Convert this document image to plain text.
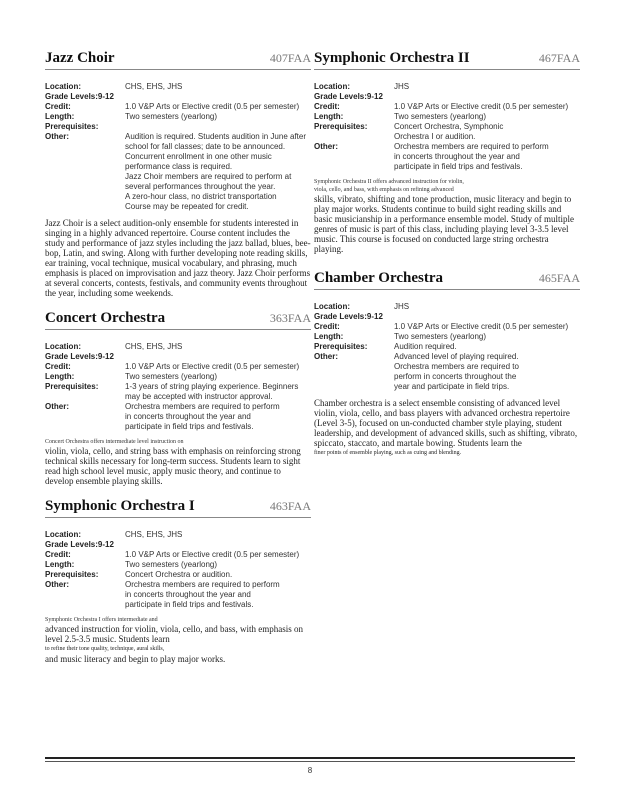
Jazz Choir	407FAA
Location:	CHS, EHS, JHS
Grade Levels:9-12
Credit:	1.0 V&P Arts or Elective credit (0.5 per semester)
Length:	Two semesters (yearlong)
Prerequisites:
Other:	Audition is required. Students audition in June after
school for fall classes; date to be announced.
Concurrent enrollment in one other music
performance class is required.
Jazz Choir members are required to perform at
several performances throughout the year.
A zero-hour class, no district transportation
Course may be repeated for credit.
Jazz Choir is a select audition-only ensemble for students interested in singing in a highly advanced repertoire. Course content includes the study and performance of jazz styles including the jazz ballad, blues, bee-bop, Latin, and swing. Along with further developing note reading skills, ear training, vocal technique, musical vocabulary, and phrasing, much emphasis is placed on improvisation and jazz theory. Jazz Choir performs at several concerts, contests, festivals, and community events throughout the year, including some weekends.
Concert Orchestra	363FAA
Location:	CHS, EHS, JHS
Grade Levels:9-12
Credit:	1.0 V&P Arts or Elective credit (0.5 per semester)
Length:	Two semesters (yearlong)
Prerequisites:	1-3 years of string playing experience. Beginners
may be accepted with instructor approval.
Other:	Orchestra members are required to perform
in concerts throughout the year and
participate in field trips and festivals.
Concert Orchestra offers intermediate level instruction on
violin, viola, cello, and string bass with emphasis on reinforcing strong technical skills necessary for long-term success. Students learn to sight read high school level music, apply music theory, and continue to develop ensemble playing skills.
Symphonic Orchestra I	463FAA
Location:	CHS, EHS, JHS
Grade Levels:9-12
Credit:	1.0 V&P Arts or Elective credit (0.5 per semester)
Length:	Two semesters (yearlong)
Prerequisites:	Concert Orchestra or audition.
Other:	Orchestra members are required to perform
in concerts throughout the year and
participate in field trips and festivals.
Symphonic Orchestra I offers intermediate and
advanced instruction for violin, viola, cello, and bass, with emphasis on level 2.5-3.5 music. Students learn
to refine their tone quality, technique, aural skills,
and music literacy and begin to play major works.
Symphonic Orchestra II	467FAA
Location:	JHS
Grade Levels:9-12
Credit:	1.0 V&P Arts or Elective credit (0.5 per semester)
Length:	Two semesters (yearlong)
Prerequisites:	Concert Orchestra, Symphonic
Orchestra I or audition.
Other:	Orchestra members are required to perform
in concerts throughout the year and
participate in field trips and festivals.
Symphonic Orchestra II offers advanced instruction for violin,
viola, cello, and bass, with emphasis on refining advanced
skills, vibrato, shifting and tone production, music literacy and begin to play major works. Students continue to build sight reading skills and basic musicianship in a performance ensemble model. Study of multiple genres of music is part of this class, including playing level 3-3.5 level music. This course is focused on conducted large string orchestra playing.
Chamber Orchestra	465FAA
Location:	JHS
Grade Levels:9-12
Credit:	1.0 V&P Arts or Elective credit (0.5 per semester)
Length:	Two semesters (yearlong)
Prerequisites:	Audition required.
Other:	Advanced level of playing required.
Orchestra members are required to
perform in concerts throughout the
year and participate in field trips.
Chamber orchestra is a select ensemble consisting of advanced level violin, viola, cello, and bass players with advanced orchestra repertoire (Level 3-5), focused on un-conducted chamber style playing, student leadership, and development of advanced skills, such as shifting, vibrato, spiccato, staccato, and martale bowing. Students learn the
finer points of ensemble playing, such as cuing and blending.
8
